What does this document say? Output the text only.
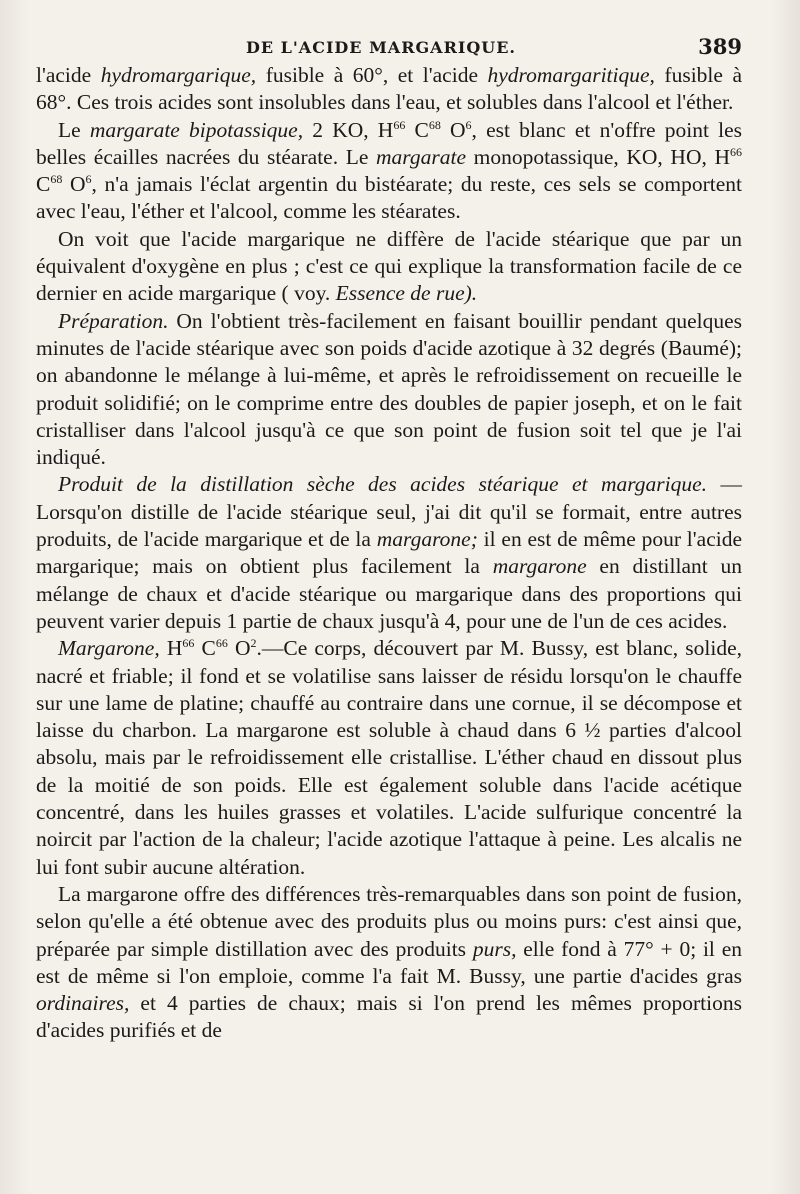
DE L'ACIDE MARGARIQUE.	389

l'acide hydromargarique, fusible à 60°, et l'acide hydromargaritique, fusible à 68°. Ces trois acides sont insolubles dans l'eau, et solubles dans l'alcool et l'éther.

Le margarate bipotassique, 2 KO, $H^{66}$ $C^{68}$ $O^6$, est blanc et n'offre point les belles écailles nacrées du stéarate. Le margarate monopotassique, KO, HO, $H^{66}$ $C^{68}$ $O^6$, n'a jamais l'éclat argentin du bistéarate; du reste, ces sels se comportent avec l'eau, l'éther et l'alcool, comme les stéarates.

On voit que l'acide margarique ne diffère de l'acide stéarique que par un équivalent d'oxygène en plus ; c'est ce qui explique la transformation facile de ce dernier en acide margarique ( voy. Essence de rue).

Préparation. On l'obtient très-facilement en faisant bouillir pendant quelques minutes de l'acide stéarique avec son poids d'acide azotique à 32 degrés (Baumé); on abandonne le mélange à lui-même, et après le refroidissement on recueille le produit solidifié; on le comprime entre des doubles de papier joseph, et on le fait cristalliser dans l'alcool jusqu'à ce que son point de fusion soit tel que je l'ai indiqué.

Produit de la distillation sèche des acides stéarique et margarique. — Lorsqu'on distille de l'acide stéarique seul, j'ai dit qu'il se formait, entre autres produits, de l'acide margarique et de la margarone; il en est de même pour l'acide margarique; mais on obtient plus facilement la margarone en distillant un mélange de chaux et d'acide stéarique ou margarique dans des proportions qui peuvent varier depuis 1 partie de chaux jusqu'à 4, pour une de l'un de ces acides.

Margarone, $H^{66}$ $C^{66}$ $O^2.—Ce$ corps, découvert par M. Bussy, est blanc, solide, nacré et friable; il fond et se volatilise sans laisser de résidu lorsqu'on le chauffe sur une lame de platine; chauffé au contraire dans une cornue, il se décompose et laisse du charbon. La margarone est soluble à chaud dans 6 ½ parties d'alcool absolu, mais par le refroidissement elle cristallise. L'éther chaud en dissout plus de la moitié de son poids. Elle est également soluble dans l'acide acétique concentré, dans les huiles grasses et volatiles. L'acide sulfurique concentré la noircit par l'action de la chaleur; l'acide azotique l'attaque à peine. Les alcalis ne lui font subir aucune altération.

La margarone offre des différences très-remarquables dans son point de fusion, selon qu'elle a été obtenue avec des produits plus ou moins purs: c'est ainsi que, préparée par simple distillation avec des produits purs, elle fond à 77° + 0; il en est de même si l'on emploie, comme l'a fait M. Bussy, une partie d'acides gras ordinaires, et 4 parties de chaux; mais si l'on prend les mêmes proportions d'acides purifiés et de
